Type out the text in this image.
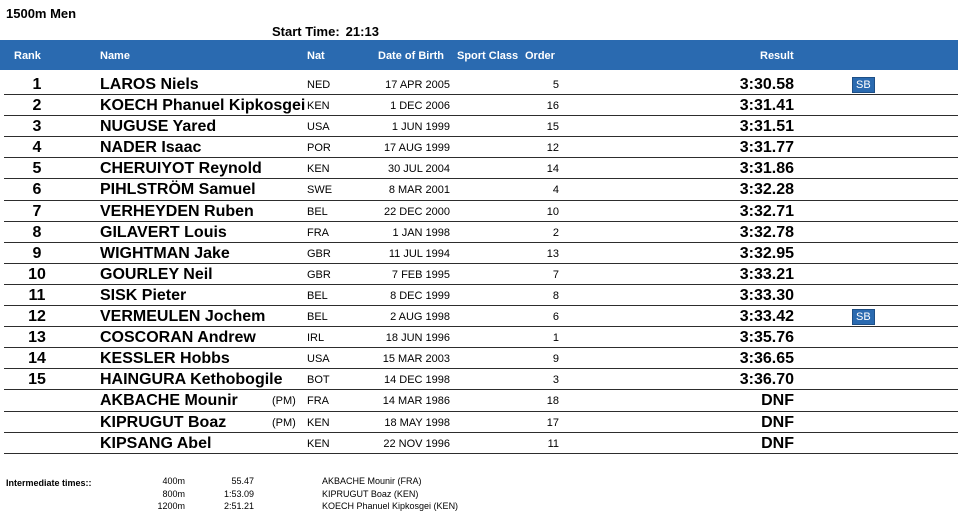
1500m Men
Start Time: 21:13
Rank	Name	Nat	Date of Birth Sport Class Order	Result
1	LAROS Niels	NED	17 APR 2005	5	3:30.58	SB
2	KOECH Phanuel Kipkosgei KEN	1 DEC 2006	16	3:31.41
3	NUGUSE Yared	USA	1 JUN 1999	15	3:31.51
4	NADER Isaac	POR	17 AUG 1999	12	3:31.77
5	CHERUIYOT Reynold	KEN	30 JUL 2004	14	3:31.86
6	PIHLSTRÖM Samuel	SWE	8 MAR 2001	4	3:32.28
7	VERHEYDEN Ruben	BEL	22 DEC 2000	10	3:32.71
8	GILAVERT Louis	FRA	1 JAN 1998	2	3:32.78
9	WIGHTMAN Jake	GBR	11 JUL 1994	13	3:32.95
10	GOURLEY Neil	GBR	7 FEB 1995	7	3:33.21
11	SISK Pieter	BEL	8 DEC 1999	8	3:33.30
12	VERMEULEN Jochem	BEL	2 AUG 1998	6	3:33.42	SB
13	COSCORAN Andrew	IRL	18 JUN 1996	1	3:35.76
14	KESSLER Hobbs	USA	15 MAR 2003	9	3:36.65
15	HAINGURA Kethobogile BOT	14 DEC 1998	3	3:36.70
AKBACHE Mounir	(PM) FRA	14 MAR 1986	18	DNF
KIPRUGUT Boaz	(PM) KEN	18 MAY 1998	17	DNF
KIPSANG Abel	KEN	22 NOV 1996	11	DNF
Intermediate times::	400m	55.47	AKBACHE Mounir (FRA)
800m	1:53.09	KIPRUGUT Boaz (KEN)
1200m	2:51.21	KOECH Phanuel Kipkosgei (KEN)
